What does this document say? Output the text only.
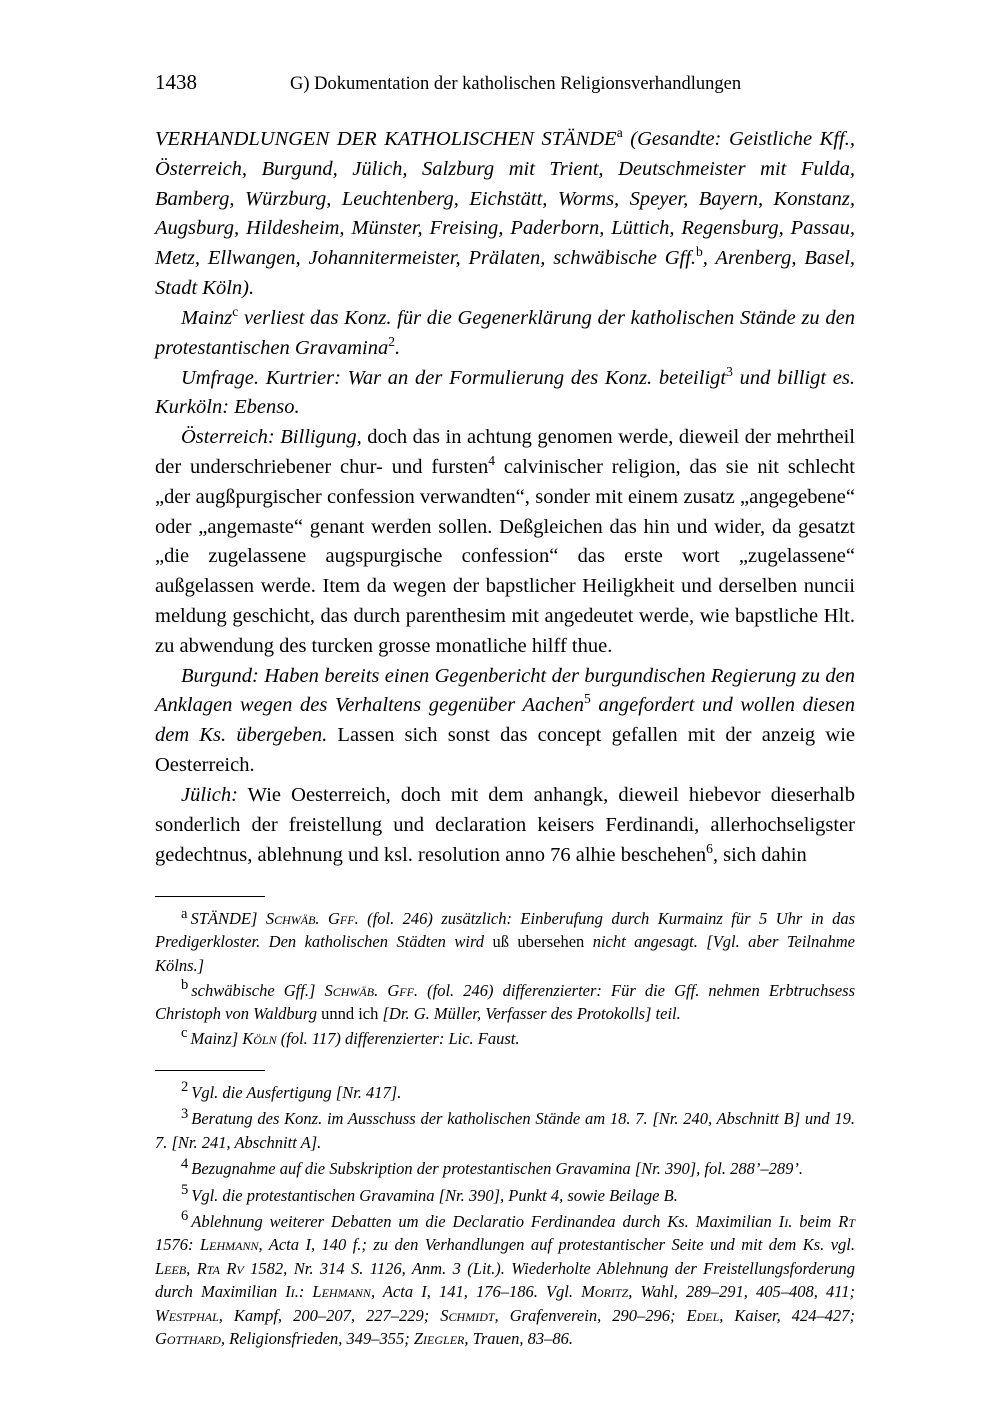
1438	G) Dokumentation der katholischen Religionsverhandlungen

VERHANDLUNGEN DER KATHOLISCHEN STÄNDE$^a$ (Gesandte: Geistliche Kff., Österreich, Burgund, Jülich, Salzburg mit Trient, Deutschmeister mit Fulda, Bamberg, Würzburg, Leuchtenberg, Eichstätt, Worms, Speyer, Bayern, Konstanz, Augsburg, Hildesheim, Münster, Freising, Paderborn, Lüttich, Regensburg, Passau, Metz, Ellwangen, Johannitermeister, Prälaten, schwäbische Gff.$^b$, Arenberg, Basel, Stadt Köln).

Mainz$^c$ verliest das Konz. für die Gegenerklärung der katholischen Stände zu den protestantischen Gravamina$^2$.

Umfrage. Kurtrier: War an der Formulierung des Konz. beteiligt$^3$ und billigt es. Kurköln: Ebenso.

Österreich: Billigung, doch das in achtung genomen werde, dieweil der mehrtheil der underschriebener chur- und fursten$^4$ calvinischer religion, das sie nit schlecht „der augßpurgischer confession verwandten“, sonder mit einem zusatz „angegebene“ oder „angemaste“ genant werden sollen. Deßgleichen das hin und wider, da gesatzt „die zugelassene augspurgische confession“ das erste wort „zugelassene“ außgelassen werde. Item da wegen der bapstlicher Heiligkheit und derselben nuncii meldung geschicht, das durch parenthesim mit angedeutet werde, wie bapstliche Hlt. zu abwendung des turcken grosse monatliche hilff thue.

Burgund: Haben bereits einen Gegenbericht der burgundischen Regierung zu den Anklagen wegen des Verhaltens gegenüber Aachen$^5$ angefordert und wollen diesen dem Ks. übergeben. Lassen sich sonst das concept gefallen mit der anzeig wie Oesterreich.

Jülich: Wie Oesterreich, doch mit dem anhangk, dieweil hiebevor dieserhalb sonderlich der freistellung und declaration keisers Ferdinandi, allerhochseligster gedechtnus, ablehnung und ksl. resolution anno 76 alhie beschehen$^6$, sich dahin

a STÄNDE] Schwäb. Gff. (fol. 246) zusätzlich: Einberufung durch Kurmainz für 5 Uhr in das Predigerkloster. Den katholischen Städten wird uß ubersehen nicht angesagt. [Vgl. aber Teilnahme Kölns.]

b schwäbische Gff.] Schwäb. Gff. (fol. 246) differenzierter: Für die Gff. nehmen Erbtruchsess Christoph von Waldburg unnd ich [Dr. G. Müller, Verfasser des Protokolls] teil.

c Mainz] Köln (fol. 117) differenzierter: Lic. Faust.

2 Vgl. die Ausfertigung [Nr. 417].

3 Beratung des Konz. im Ausschuss der katholischen Stände am 18. 7. [Nr. 240, Abschnitt B] und 19. 7. [Nr. 241, Abschnitt A].

4 Bezugnahme auf die Subskription der protestantischen Gravamina [Nr. 390], fol. 288’–289’.

5 Vgl. die protestantischen Gravamina [Nr. 390], Punkt 4, sowie Beilage B.

6 Ablehnung weiterer Debatten um die Declaratio Ferdinandea durch Ks. Maximilian Ii. beim Rt 1576: Lehmann, Acta I, 140 f.; zu den Verhandlungen auf protestantischer Seite und mit dem Ks. vgl. Leeb, Rta Rv 1582, Nr. 314 S. 1126, Anm. 3 (Lit.). Wiederholte Ablehnung der Freistellungsforderung durch Maximilian Ii.: Lehmann, Acta I, 141, 176–186. Vgl. Moritz, Wahl, 289–291, 405–408, 411; Westphal, Kampf, 200–207, 227–229; Schmidt, Grafenverein, 290–296; Edel, Kaiser, 424–427; Gotthard, Religionsfrieden, 349–355; Ziegler, Trauen, 83–86.
